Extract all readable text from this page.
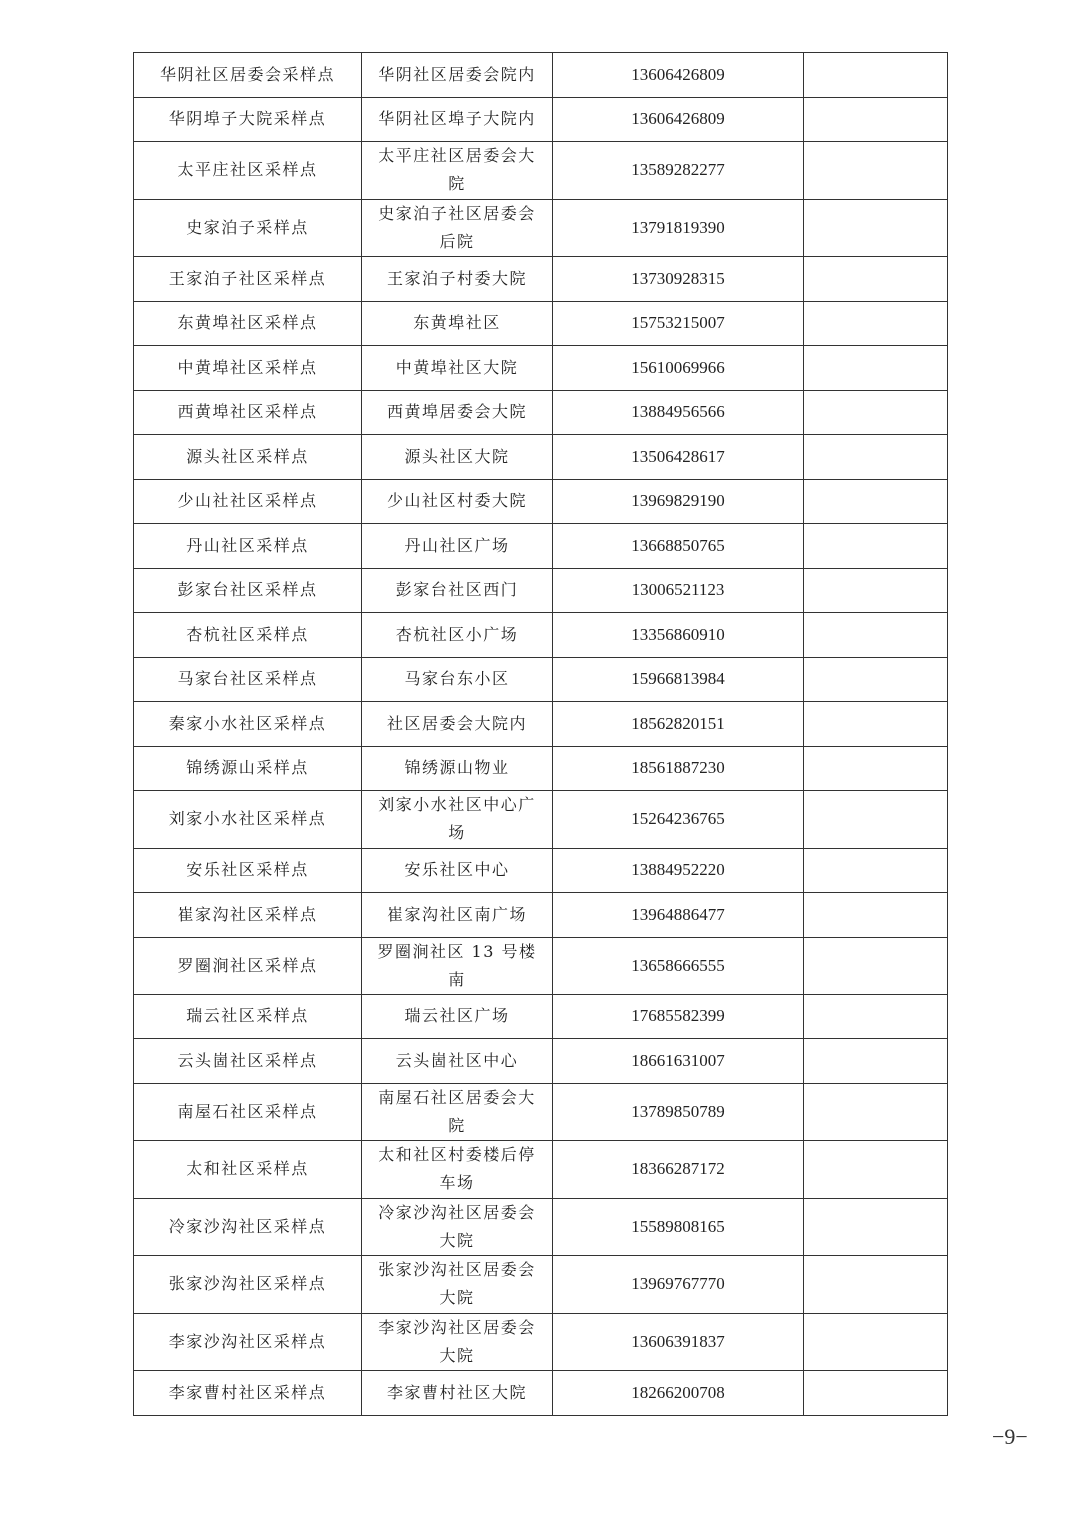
华阴社区居委会采样点	华阴社区居委会院内	13606426809	
华阴埠子大院采样点	华阴社区埠子大院内	13606426809	
太平庄社区采样点	太平庄社区居委会大院	13589282277	
史家泊子采样点	史家泊子社区居委会后院	13791819390	
王家泊子社区采样点	王家泊子村委大院	13730928315	
东黄埠社区采样点	东黄埠社区	15753215007	
中黄埠社区采样点	中黄埠社区大院	15610069966	
西黄埠社区采样点	西黄埠居委会大院	13884956566	
源头社区采样点	源头社区大院	13506428617	
少山社社区采样点	少山社区村委大院	13969829190	
丹山社区采样点	丹山社区广场	13668850765	
彭家台社区采样点	彭家台社区西门	13006521123	
杏杭社区采样点	杏杭社区小广场	13356860910	
马家台社区采样点	马家台东小区	15966813984	
秦家小水社区采样点	社区居委会大院内	18562820151	
锦绣源山采样点	锦绣源山物业	18561887230	
刘家小水社区采样点	刘家小水社区中心广场	15264236765	
安乐社区采样点	安乐社区中心	13884952220	
崔家沟社区采样点	崔家沟社区南广场	13964886477	
罗圈涧社区采样点	罗圈涧社区 13 号楼南	13658666555	
瑞云社区采样点	瑞云社区广场	17685582399	
云头崮社区采样点	云头崮社区中心	18661631007	
南屋石社区采样点	南屋石社区居委会大院	13789850789	
太和社区采样点	太和社区村委楼后停车场	18366287172	
冷家沙沟社区采样点	冷家沙沟社区居委会大院	15589808165	
张家沙沟社区采样点	张家沙沟社区居委会大院	13969767770	
李家沙沟社区采样点	李家沙沟社区居委会大院	13606391837	
李家曹村社区采样点	李家曹村社区大院	18266200708	
−9−
